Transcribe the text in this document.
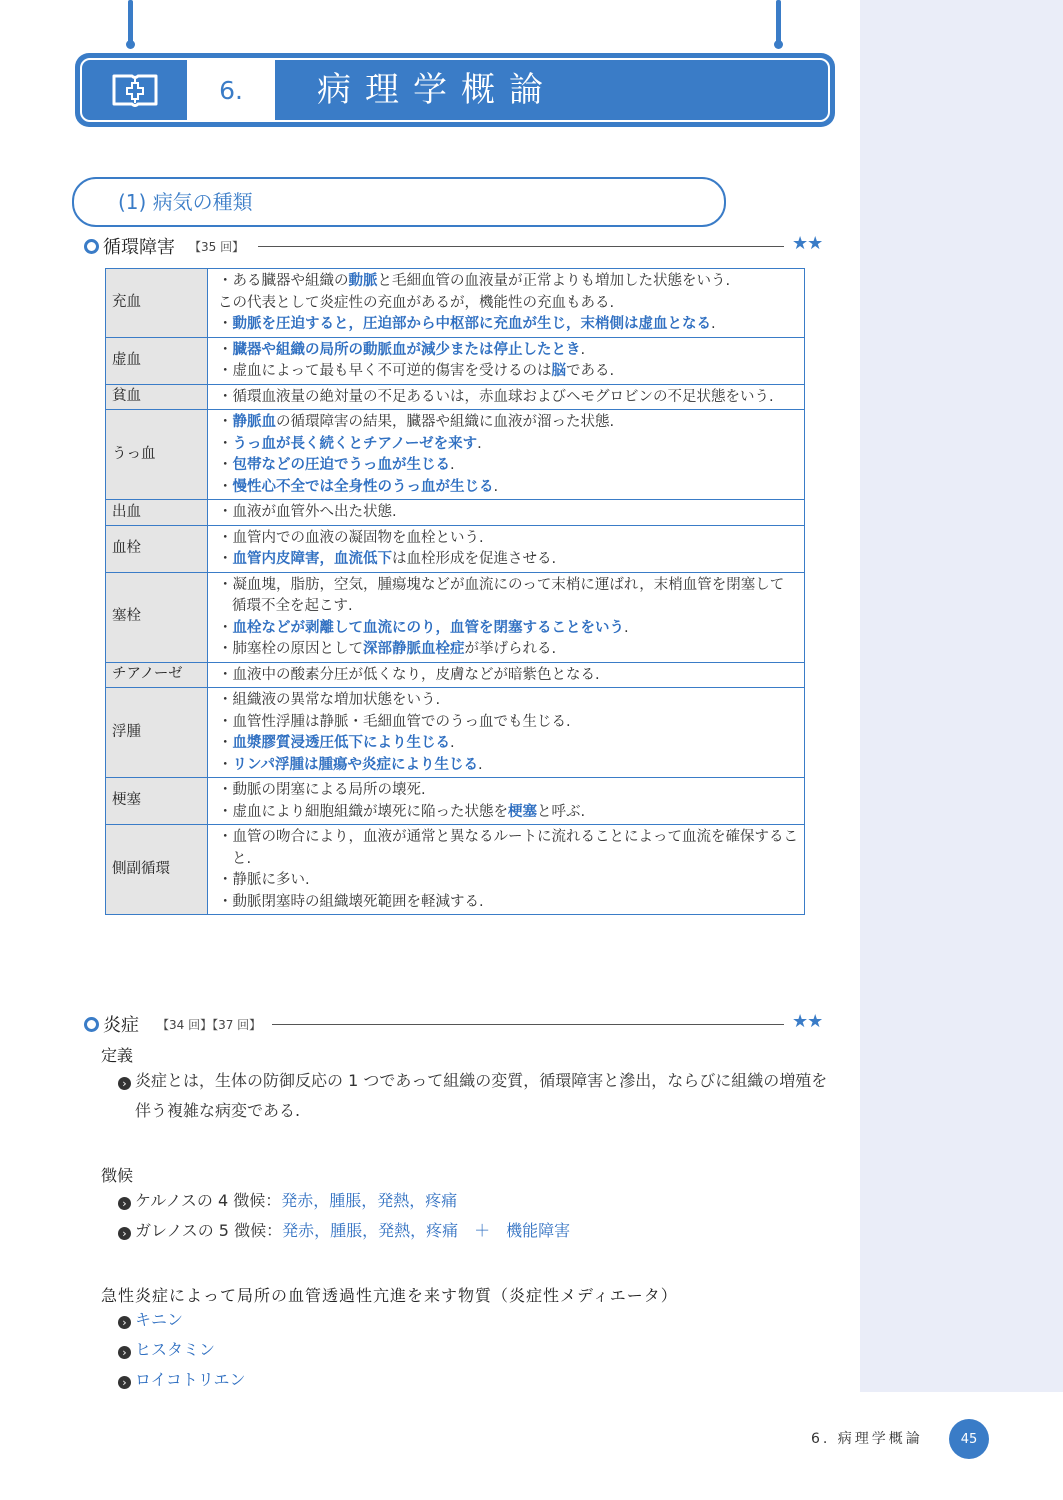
6.	病理学概論
(1) 病気の種類
循環障害 【35 回】	★★
充血	・ある臓器や組織の動脈と毛細血管の血液量が正常よりも増加した状態をいう.
この代表として炎症性の充血があるが，機能性の充血もある.
・動脈を圧迫すると，圧迫部から中枢部に充血が生じ，末梢側は虚血となる.

虚血	・臓器や組織の局所の動脈血が減少または停止したとき.
・虚血によって最も早く不可逆的傷害を受けるのは脳である.

貧血	・循環血液量の絶対量の不足あるいは，赤血球およびヘモグロビンの不足状態をいう.

うっ血	・静脈血の循環障害の結果，臓器や組織に血液が溜った状態.
・うっ血が長く続くとチアノーゼを来す.
・包帯などの圧迫でうっ血が生じる.
・慢性心不全では全身性のうっ血が生じる.

出血	・血液が血管外へ出た状態.

血栓	・血管内での血液の凝固物を血栓という.
・血管内皮障害，血流低下は血栓形成を促進させる.

塞栓	・凝血塊，脂肪，空気，腫瘍塊などが血流にのって末梢に運ばれ，末梢血管を閉塞して循環不全を起こす.
・血栓などが剥離して血流にのり，血管を閉塞することをいう.
・肺塞栓の原因として深部静脈血栓症が挙げられる.

チアノーゼ	・血液中の酸素分圧が低くなり，皮膚などが暗紫色となる.

浮腫	・組織液の異常な増加状態をいう.
・血管性浮腫は静脈・毛細血管でのうっ血でも生じる.
・血漿膠質浸透圧低下により生じる.
・リンパ浮腫は腫瘍や炎症により生じる.

梗塞	・動脈の閉塞による局所の壊死.
・虚血により細胞組織が壊死に陥った状態を梗塞と呼ぶ.

側副循環	・血管の吻合により，血液が通常と異なるルートに流れることによって血流を確保すること.
・静脈に多い.
・動脈閉塞時の組織壊死範囲を軽減する.
炎症 【34 回】【37 回】	★★
定義
› 炎症とは，生体の防御反応の 1 つであって組織の変質，循環障害と滲出，ならびに組織の増殖を伴う複雑な病変である.
徴候
› ケルノスの 4 徴候：発赤，腫脹，発熱，疼痛
› ガレノスの 5 徴候：発赤，腫脹，発熱，疼痛　＋　機能障害
急性炎症によって局所の血管透過性亢進を来す物質（炎症性メディエータ）
› キニン
› ヒスタミン
› ロイコトリエン
6. 病理学概論	45
